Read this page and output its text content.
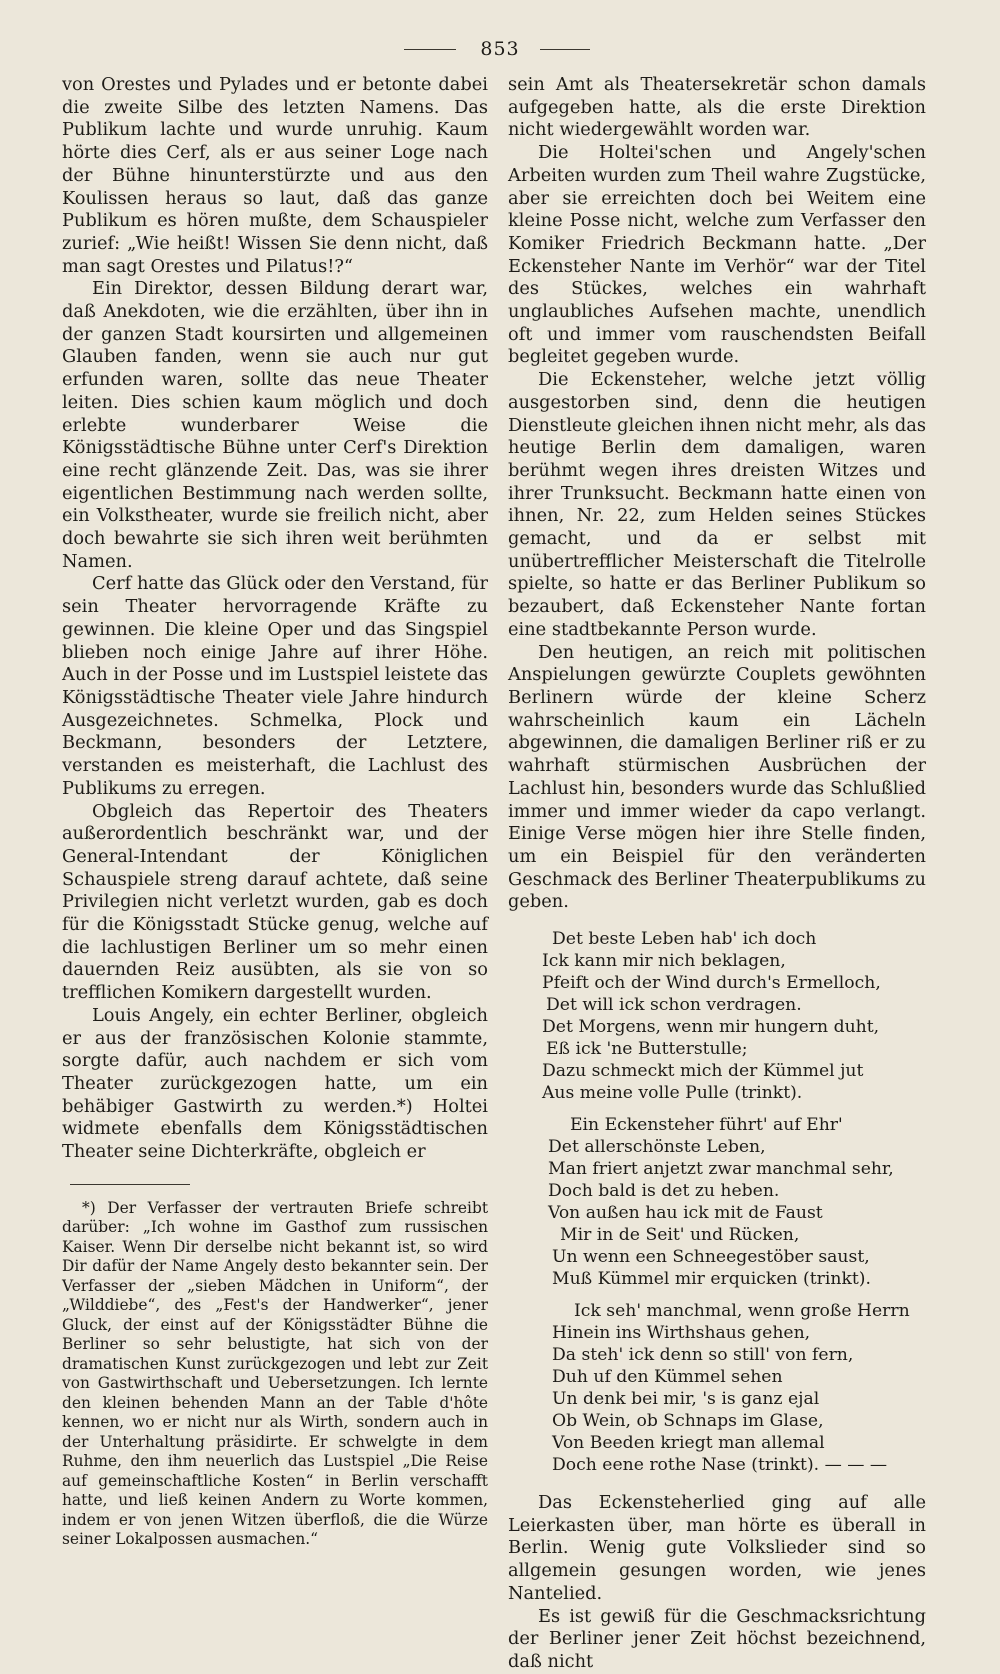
853

von Orestes und Pylades und er betonte dabei die zweite Silbe des letzten Namens. Das Publikum lachte und wurde unruhig. Kaum hörte dies Cerf, als er aus seiner Loge nach der Bühne hinunterstürzte und aus den Koulissen heraus so laut, daß das ganze Publikum es hören mußte, dem Schauspieler zurief: „Wie heißt! Wissen Sie denn nicht, daß man sagt Orestes und Pilatus!?“

Ein Direktor, dessen Bildung derart war, daß Anekdoten, wie die erzählten, über ihn in der ganzen Stadt koursirten und allgemeinen Glauben fanden, wenn sie auch nur gut erfunden waren, sollte das neue Theater leiten. Dies schien kaum möglich und doch erlebte wunderbarer Weise die Königsstädtische Bühne unter Cerf's Direktion eine recht glänzende Zeit. Das, was sie ihrer eigentlichen Bestimmung nach werden sollte, ein Volkstheater, wurde sie freilich nicht, aber doch bewahrte sie sich ihren weit berühmten Namen.

Cerf hatte das Glück oder den Verstand, für sein Theater hervorragende Kräfte zu gewinnen. Die kleine Oper und das Singspiel blieben noch einige Jahre auf ihrer Höhe. Auch in der Posse und im Lustspiel leistete das Königsstädtische Theater viele Jahre hindurch Ausgezeichnetes. Schmelka, Plock und Beckmann, besonders der Letztere, verstanden es meisterhaft, die Lachlust des Publikums zu erregen.

Obgleich das Repertoir des Theaters außerordentlich beschränkt war, und der General-Intendant der Königlichen Schauspiele streng darauf achtete, daß seine Privilegien nicht verletzt wurden, gab es doch für die Königsstadt Stücke genug, welche auf die lachlustigen Berliner um so mehr einen dauernden Reiz ausübten, als sie von so trefflichen Komikern dargestellt wurden.

Louis Angely, ein echter Berliner, obgleich er aus der französischen Kolonie stammte, sorgte dafür, auch nachdem er sich vom Theater zurückgezogen hatte, um ein behäbiger Gastwirth zu werden.*) Holtei widmete ebenfalls dem Königsstädtischen Theater seine Dichterkräfte, obgleich er

*) Der Verfasser der vertrauten Briefe schreibt darüber: „Ich wohne im Gasthof zum russischen Kaiser. Wenn Dir derselbe nicht bekannt ist, so wird Dir dafür der Name Angely desto bekannter sein. Der Verfasser der „sieben Mädchen in Uniform“, der „Wilddiebe“, des „Fest's der Handwerker“, jener Gluck, der einst auf der Königsstädter Bühne die Berliner so sehr belustigte, hat sich von der dramatischen Kunst zurückgezogen und lebt zur Zeit von Gastwirthschaft und Uebersetzungen. Ich lernte den kleinen behenden Mann an der Table d'hôte kennen, wo er nicht nur als Wirth, sondern auch in der Unterhaltung präsidirte. Er schwelgte in dem Ruhme, den ihm neuerlich das Lustspiel „Die Reise auf gemeinschaftliche Kosten“ in Berlin verschafft hatte, und ließ keinen Andern zu Worte kommen, indem er von jenen Witzen überfloß, die die Würze seiner Lokalpossen ausmachen.“

sein Amt als Theatersekretär schon damals aufgegeben hatte, als die erste Direktion nicht wiedergewählt worden war.

Die Holtei'schen und Angely'schen Arbeiten wurden zum Theil wahre Zugstücke, aber sie erreichten doch bei Weitem eine kleine Posse nicht, welche zum Verfasser den Komiker Friedrich Beckmann hatte. „Der Eckensteher Nante im Verhör“ war der Titel des Stückes, welches ein wahrhaft unglaubliches Aufsehen machte, unendlich oft und immer vom rauschendsten Beifall begleitet gegeben wurde.

Die Eckensteher, welche jetzt völlig ausgestorben sind, denn die heutigen Dienstleute gleichen ihnen nicht mehr, als das heutige Berlin dem damaligen, waren berühmt wegen ihres dreisten Witzes und ihrer Trunksucht. Beckmann hatte einen von ihnen, Nr. 22, zum Helden seines Stückes gemacht, und da er selbst mit unübertrefflicher Meisterschaft die Titelrolle spielte, so hatte er das Berliner Publikum so bezaubert, daß Eckensteher Nante fortan eine stadtbekannte Person wurde.

Den heutigen, an reich mit politischen Anspielungen gewürzte Couplets gewöhnten Berlinern würde der kleine Scherz wahrscheinlich kaum ein Lächeln abgewinnen, die damaligen Berliner riß er zu wahrhaft stürmischen Ausbrüchen der Lachlust hin, besonders wurde das Schlußlied immer und immer wieder da capo verlangt. Einige Verse mögen hier ihre Stelle finden, um ein Beispiel für den veränderten Geschmack des Berliner Theaterpublikums zu geben.

Det beste Leben hab' ich doch
Ick kann mir nich beklagen,
Pfeift och der Wind durch's Ermelloch,
Det will ick schon verdragen.
Det Morgens, wenn mir hungern duht,
Eß ick 'ne Butterstulle;
Dazu schmeckt mich der Kümmel jut
Aus meine volle Pulle (trinkt).
Ein Eckensteher führt' auf Ehr'
Det allerschönste Leben,
Man friert anjetzt zwar manchmal sehr,
Doch bald is det zu heben.
Von außen hau ick mit de Faust
Mir in de Seit' und Rücken,
Un wenn een Schneegestöber saust,
Muß Kümmel mir erquicken (trinkt).
Ick seh' manchmal, wenn große Herrn
Hinein ins Wirthshaus gehen,
Da steh' ick denn so still' von fern,
Duh uf den Kümmel sehen
Un denk bei mir, 's is ganz ejal
Ob Wein, ob Schnaps im Glase,
Von Beeden kriegt man allemal
Doch eene rothe Nase (trinkt). — — —

Das Eckensteherlied ging auf alle Leierkasten über, man hörte es überall in Berlin. Wenig gute Volkslieder sind so allgemein gesungen worden, wie jenes Nantelied.

Es ist gewiß für die Geschmacksrichtung der Berliner jener Zeit höchst bezeichnend, daß nicht
